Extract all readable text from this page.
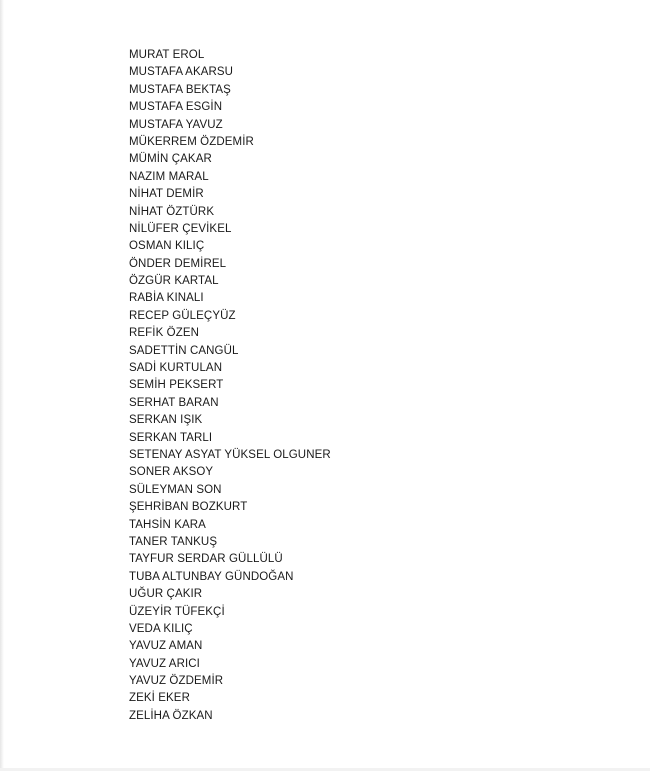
MURAT EROL
MUSTAFA AKARSU
MUSTAFA BEKTAŞ
MUSTAFA ESGİN
MUSTAFA YAVUZ
MÜKERREM ÖZDEMİR
MÜMİN ÇAKAR
NAZIM MARAL
NİHAT DEMİR
NİHAT ÖZTÜRK
NİLÜFER ÇEVİKEL
OSMAN KILIÇ
ÖNDER DEMİREL
ÖZGÜR KARTAL
RABİA KINALI
RECEP GÜLEÇYÜZ
REFİK ÖZEN
SADETTİN CANGÜL
SADİ KURTULAN
SEMİH PEKSERT
SERHAT BARAN
SERKAN IŞIK
SERKAN TARLI
SETENAY ASYAT YÜKSEL OLGUNER
SONER AKSOY
SÜLEYMAN SON
ŞEHRİBAN BOZKURT
TAHSİN KARA
TANER TANKUŞ
TAYFUR SERDAR GÜLLÜLÜ
TUBA ALTUNBAY GÜNDOĞAN
UĞUR ÇAKIR
ÜZEYİR TÜFEKÇİ
VEDA KILIÇ
YAVUZ AMAN
YAVUZ ARICI
YAVUZ ÖZDEMİR
ZEKİ EKER
ZELİHA ÖZKAN
